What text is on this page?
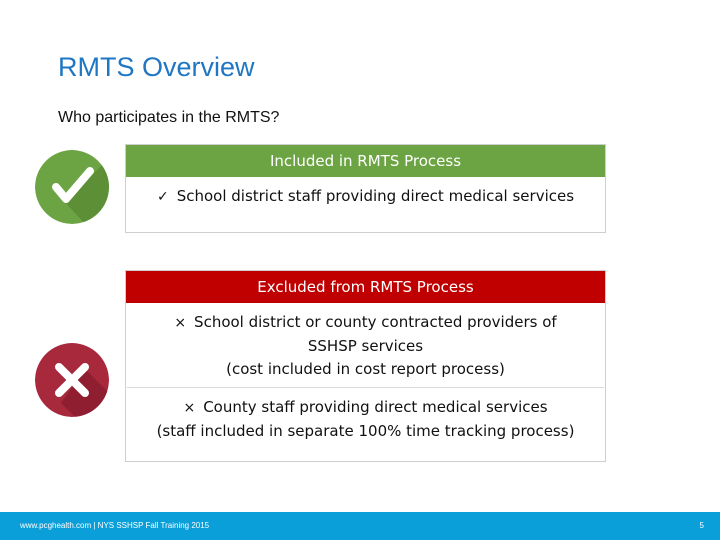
RMTS Overview
Who participates in the RMTS?
Included in RMTS Process
✓ School district staff providing direct medical services
Excluded from RMTS Process
× School district or county contracted providers of
SSHSP services
(cost included in cost report process)
× County staff providing direct medical services
(staff included in separate 100% time tracking process)
www.pcghealth.com | NYS SSHSP Fall Training 2015	5
